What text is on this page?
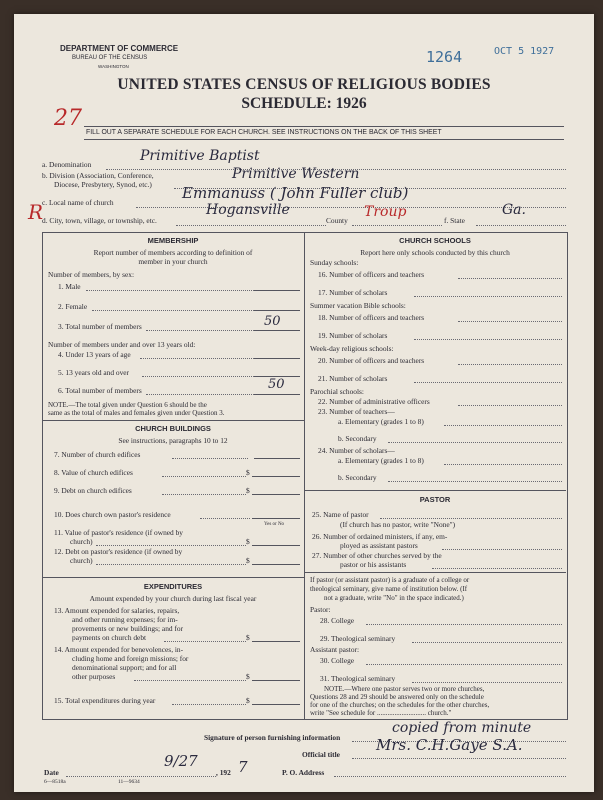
DEPARTMENT OF COMMERCE
BUREAU OF THE CENSUS
WASHINGTON
1264	OCT 5 1927
UNITED STATES CENSUS OF RELIGIOUS BODIES
SCHEDULE: 1926
27
FILL OUT A SEPARATE SCHEDULE FOR EACH CHURCH. SEE INSTRUCTIONS ON THE BACK OF THIS SHEET
a. Denomination
Primitive Baptist
b. Division (Association, Conference,
Diocese, Presbytery, Synod, etc.)
Primitive Western
c. Local name of church
Emmanuss ( John Fuller club)
R
d. City, town, village, or township, etc.
Hogansville
County
Troup
f. State
Ga.
MEMBERSHIP
Report number of members according to definition of
member in your church
Number of members, by sex:
1. Male
2. Female
3. Total number of members	50
Number of members under and over 13 years old:
4. Under 13 years of age
5. 13 years old and over
6. Total number of members	50
NOTE.—The total given under Question 6 should be the
same as the total of males and females given under Question 3.
CHURCH BUILDINGS
See instructions, paragraphs 10 to 12
7. Number of church edifices
8. Value of church edifices	$
9. Debt on church edifices	$
10. Does church own pastor's residence
Yes or No
11. Value of pastor's residence (if owned by
church)	$
12. Debt on pastor's residence (if owned by
church)	$
EXPENDITURES
Amount expended by your church during last fiscal year
13. Amount expended for salaries, repairs,
and other running expenses; for im-
provements or new buildings; and for
payments on church debt	$
14. Amount expended for benevolences, in-
cluding home and foreign missions; for
denominational support; and for all
other purposes	$
15. Total expenditures during year	$
CHURCH SCHOOLS
Report here only schools conducted by this church
Sunday schools:
16. Number of officers and teachers
17. Number of scholars
Summer vacation Bible schools:
18. Number of officers and teachers
19. Number of scholars
Week-day religious schools:
20. Number of officers and teachers
21. Number of scholars
Parochial schools:
22. Number of administrative officers
23. Number of teachers—
a. Elementary (grades 1 to 8)
b. Secondary
24. Number of scholars—
a. Elementary (grades 1 to 8)
b. Secondary
PASTOR
25. Name of pastor
(If church has no pastor, write "None")
26. Number of ordained ministers, if any, em-
ployed as assistant pastors
27. Number of other churches served by the
pastor or his assistants
If pastor (or assistant pastor) is a graduate of a college or
theological seminary, give name of institution below. (If
not a graduate, write "No" in the space indicated.)
Pastor:
28. College
29. Theological seminary
Assistant pastor:
30. College
31. Theological seminary
NOTE.—Where one pastor serves two or more churches,
Questions 28 and 29 should be answered only on the schedule
for one of the churches; on the schedules for the other churches,
write "See schedule for ............................ church."
Signature of person furnishing information
copied from minute
Official title
Mrs. C.H.Gaye S.A.
Date
9/27
, 192 7	P. O. Address
6—8518a	11—9634
